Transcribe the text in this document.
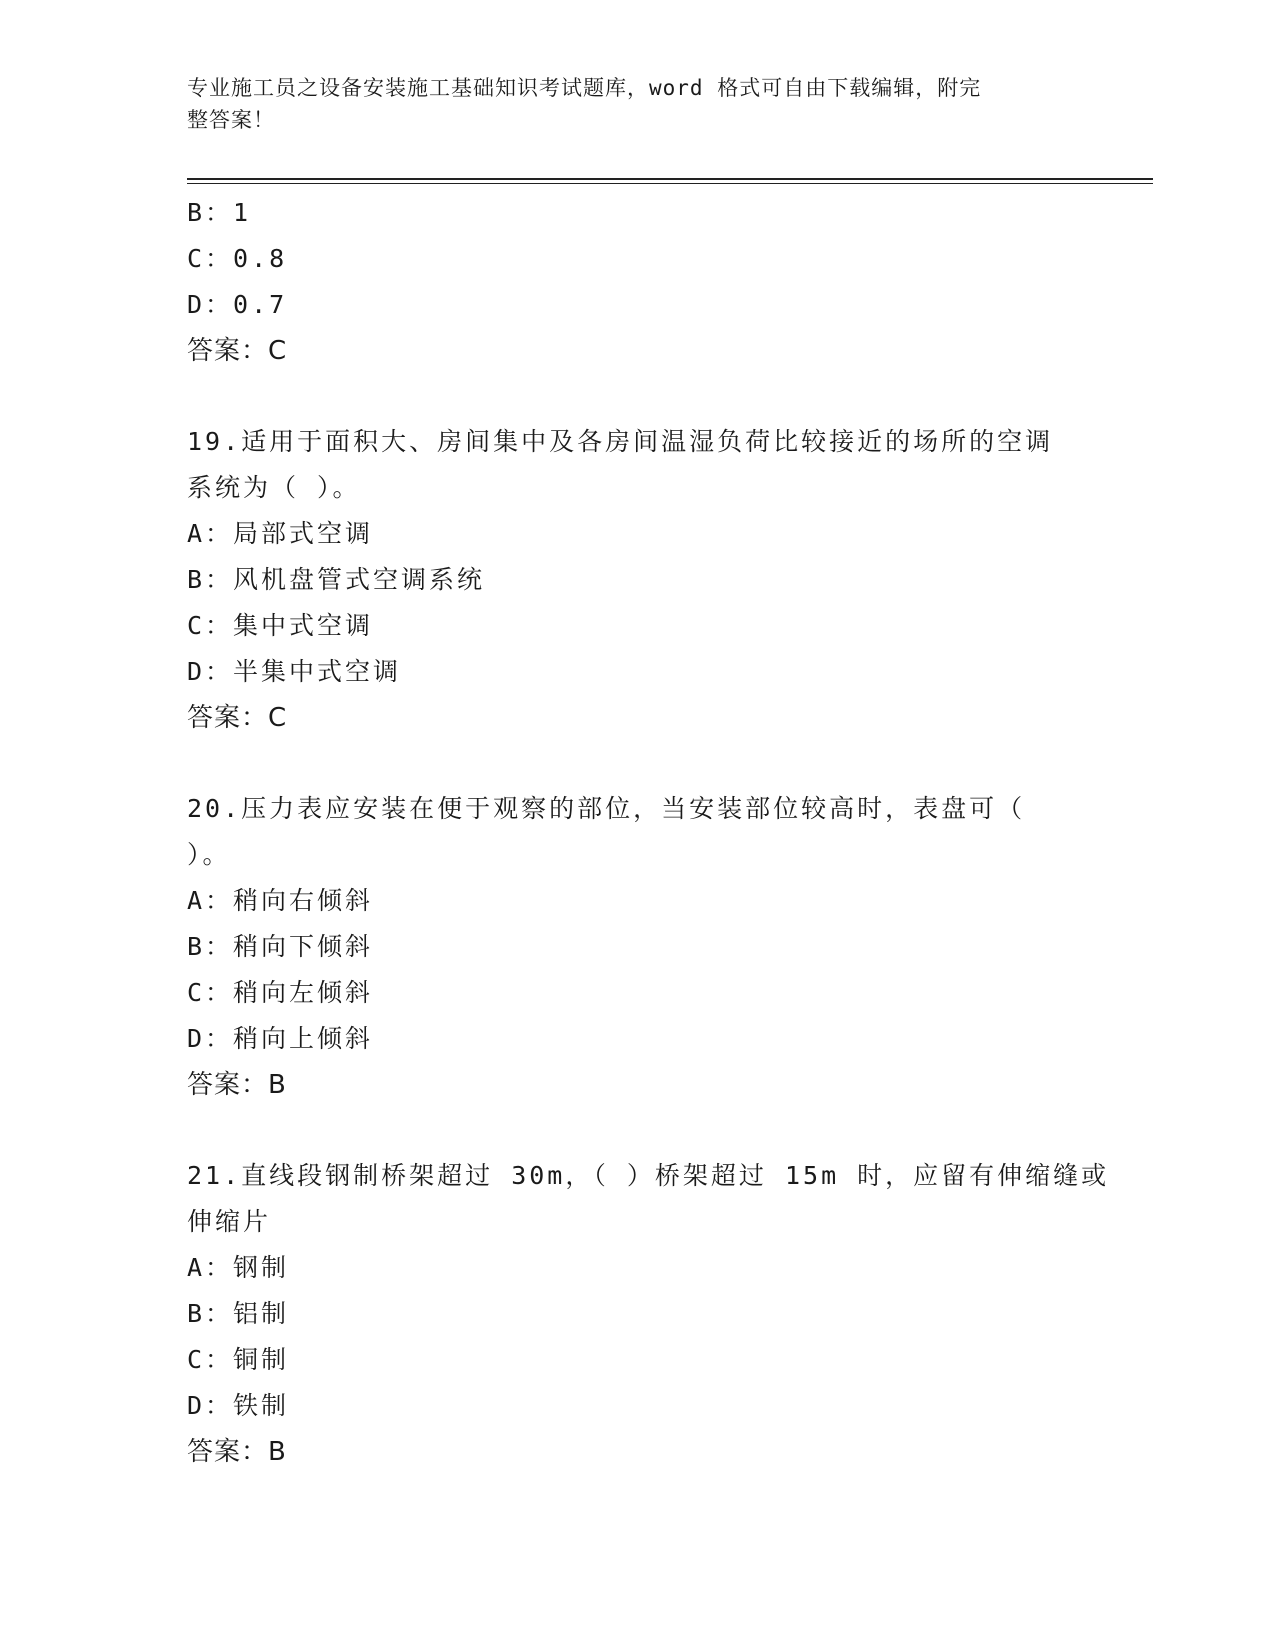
专业施工员之设备安装施工基础知识考试题库，word 格式可自由下载编辑，附完
整答案！
B：1
C：0.8
D：0.7
答案：C
19.适用于面积大、房间集中及各房间温湿负荷比较接近的场所的空调
系统为（ ）。
A：局部式空调
B：风机盘管式空调系统
C：集中式空调
D：半集中式空调
答案：C
20.压力表应安装在便于观察的部位，当安装部位较高时，表盘可（
）。
A：稍向右倾斜
B：稍向下倾斜
C：稍向左倾斜
D：稍向上倾斜
答案：B
21.直线段钢制桥架超过 30m，（ ）桥架超过 15m 时，应留有伸缩缝或
伸缩片
A：钢制
B：铝制
C：铜制
D：铁制
答案：B
